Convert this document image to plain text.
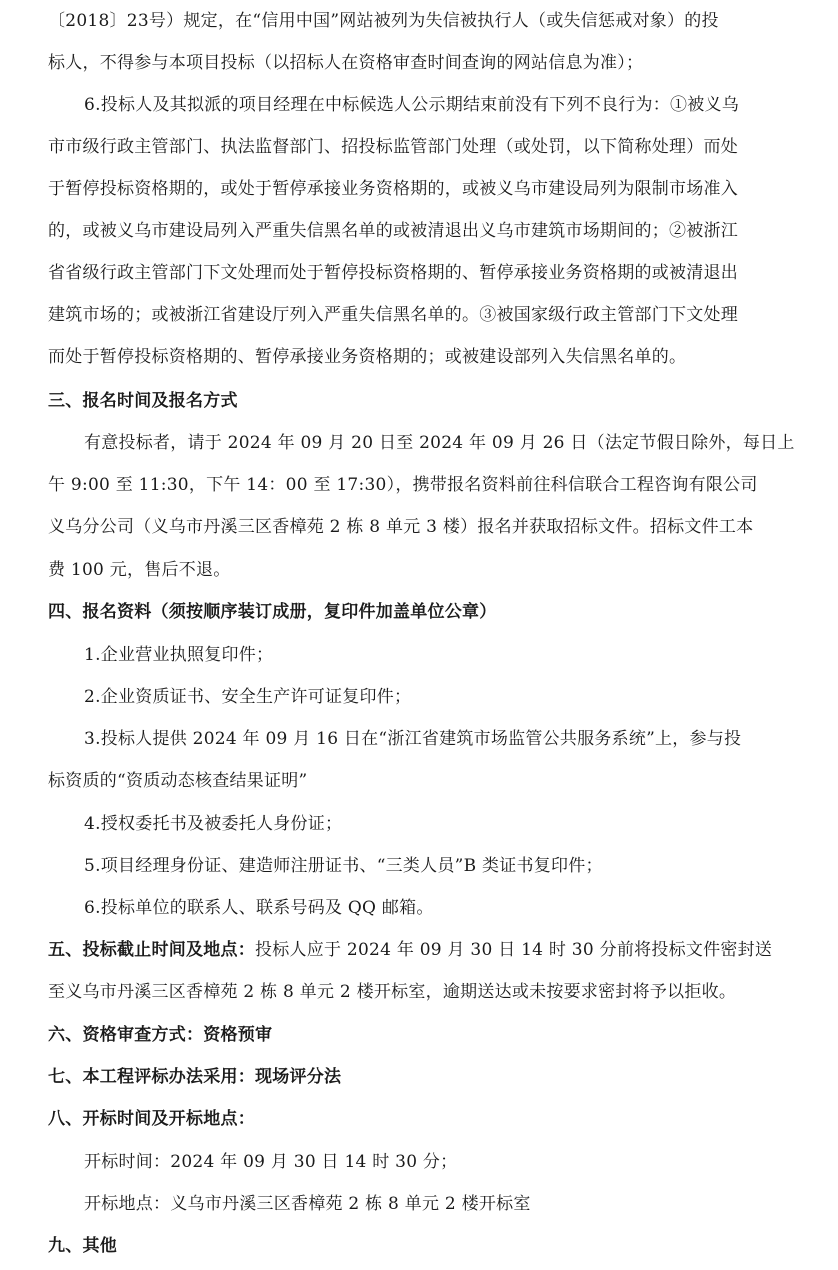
〔2018〕23号）规定，在“信用中国”网站被列为失信被执行人（或失信惩戒对象）的投
标人，不得参与本项目投标（以招标人在资格审查时间查询的网站信息为准）；
6.投标人及其拟派的项目经理在中标候选人公示期结束前没有下列不良行为：①被义乌
市市级行政主管部门、执法监督部门、招投标监管部门处理（或处罚，以下简称处理）而处
于暂停投标资格期的，或处于暂停承接业务资格期的，或被义乌市建设局列为限制市场准入
的，或被义乌市建设局列入严重失信黑名单的或被清退出义乌市建筑市场期间的；②被浙江
省省级行政主管部门下文处理而处于暂停投标资格期的、暂停承接业务资格期的或被清退出
建筑市场的；或被浙江省建设厅列入严重失信黑名单的。③被国家级行政主管部门下文处理
而处于暂停投标资格期的、暂停承接业务资格期的；或被建设部列入失信黑名单的。
三、报名时间及报名方式
有意投标者，请于 2024 年 09 月 20 日至 2024 年 09 月 26 日（法定节假日除外，每日上
午 9:00 至 11:30，下午 14：00 至 17:30），携带报名资料前往科信联合工程咨询有限公司
义乌分公司（义乌市丹溪三区香樟苑 2 栋 8 单元 3 楼）报名并获取招标文件。招标文件工本
费 100 元，售后不退。
四、报名资料（须按顺序装订成册，复印件加盖单位公章）
1.企业营业执照复印件；
2.企业资质证书、安全生产许可证复印件；
3.投标人提供 2024 年 09 月 16 日在“浙江省建筑市场监管公共服务系统”上，参与投
标资质的“资质动态核查结果证明”
4.授权委托书及被委托人身份证；
5.项目经理身份证、建造师注册证书、“三类人员”B 类证书复印件；
6.投标单位的联系人、联系号码及 QQ 邮箱。
五、投标截止时间及地点：投标人应于 2024 年 09 月 30 日 14 时 30 分前将投标文件密封送
至义乌市丹溪三区香樟苑 2 栋 8 单元 2 楼开标室，逾期送达或未按要求密封将予以拒收。
六、资格审查方式：资格预审
七、本工程评标办法采用：现场评分法
八、开标时间及开标地点：
开标时间：2024 年 09 月 30 日 14 时 30 分；
开标地点：义乌市丹溪三区香樟苑 2 栋 8 单元 2 楼开标室
九、其他
